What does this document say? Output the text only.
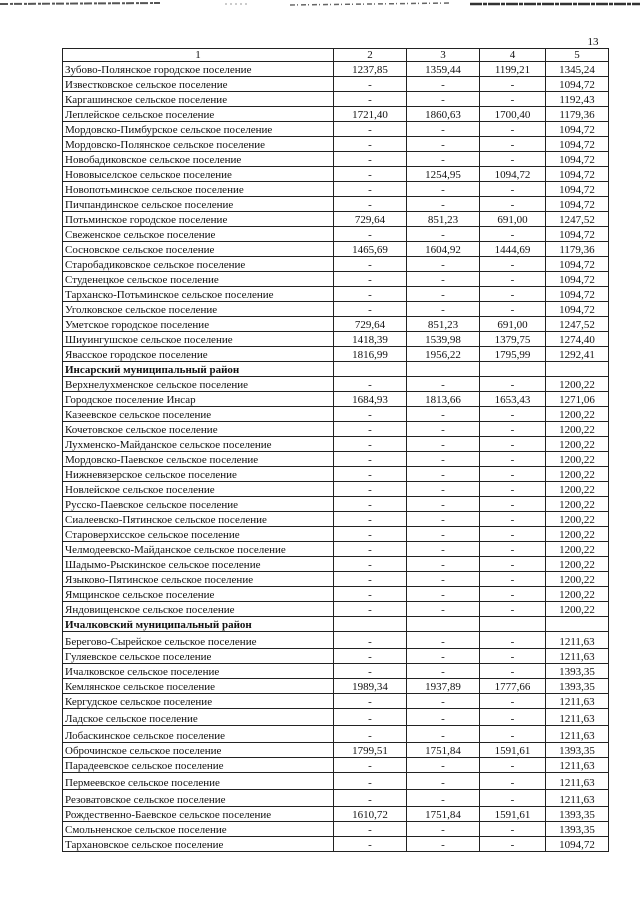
13
1	2	3	4	5
Зубово-Полянское городское поселение	1237,85	1359,44	1199,21	1345,24
Известковское сельское поселение	-	-	-	1094,72
Каргашинское сельское поселение	-	-	-	1192,43
Леплейское сельское поселение	1721,40	1860,63	1700,40	1179,36
Мордовско-Пимбурское сельское поселение	-	-	-	1094,72
Мордовско-Полянское сельское поселение	-	-	-	1094,72
Новобадиковское сельское поселение	-	-	-	1094,72
Нововыселское сельское поселение	-	1254,95	1094,72	1094,72
Новопотьминское сельское поселение	-	-	-	1094,72
Пичпандинское сельское поселение	-	-	-	1094,72
Потьминское городское поселение	729,64	851,23	691,00	1247,52
Свеженское сельское поселение	-	-	-	1094,72
Сосновское сельское поселение	1465,69	1604,92	1444,69	1179,36
Старобадиковское сельское поселение	-	-	-	1094,72
Студенецкое сельское поселение	-	-	-	1094,72
Тарханско-Потьминское сельское поселение	-	-	-	1094,72
Уголковское сельское поселение	-	-	-	1094,72
Уметское городское поселение	729,64	851,23	691,00	1247,52
Шиуингушское сельское поселение	1418,39	1539,98	1379,75	1274,40
Явасское городское поселение	1816,99	1956,22	1795,99	1292,41
Инсарский муниципальный район				
Верхнелухменское сельское поселение	-	-	-	1200,22
Городское поселение Инсар	1684,93	1813,66	1653,43	1271,06
Казеевское сельское поселение	-	-	-	1200,22
Кочетовское сельское поселение	-	-	-	1200,22
Лухменско-Майданское сельское поселение	-	-	-	1200,22
Мордовско-Паевское сельское поселение	-	-	-	1200,22
Нижневязерское сельское поселение	-	-	-	1200,22
Новлейское сельское поселение	-	-	-	1200,22
Русско-Паевское сельское поселение	-	-	-	1200,22
Сиалеевско-Пятинское сельское поселение	-	-	-	1200,22
Староверхисское сельское поселение	-	-	-	1200,22
Челмодеевско-Майданское сельское поселение	-	-	-	1200,22
Шадымо-Рыскинское сельское поселение	-	-	-	1200,22
Языково-Пятинское сельское поселение	-	-	-	1200,22
Ямщинское сельское поселение	-	-	-	1200,22
Яндовищенское сельское поселение	-	-	-	1200,22
Ичалковский муниципальный район				
Берегово-Сырейское сельское поселение	-	-	-	1211,63
Гуляевское сельское поселение	-	-	-	1211,63
Ичалковское сельское поселение	-	-	-	1393,35
Кемлянское сельское поселение	1989,34	1937,89	1777,66	1393,35
Кергудское сельское поселение	-	-	-	1211,63
Ладское сельское поселение	-	-	-	1211,63
Лобаскинское сельское поселение	-	-	-	1211,63
Оброчинское сельское поселение	1799,51	1751,84	1591,61	1393,35
Парадеевское сельское поселение	-	-	-	1211,63
Пермеевское сельское поселение	-	-	-	1211,63
Резоватовское сельское поселение	-	-	-	1211,63
Рождественно-Баевское сельское поселение	1610,72	1751,84	1591,61	1393,35
Смольненское сельское поселение	-	-	-	1393,35
Тархановское сельское поселение	-	-	-	1094,72
